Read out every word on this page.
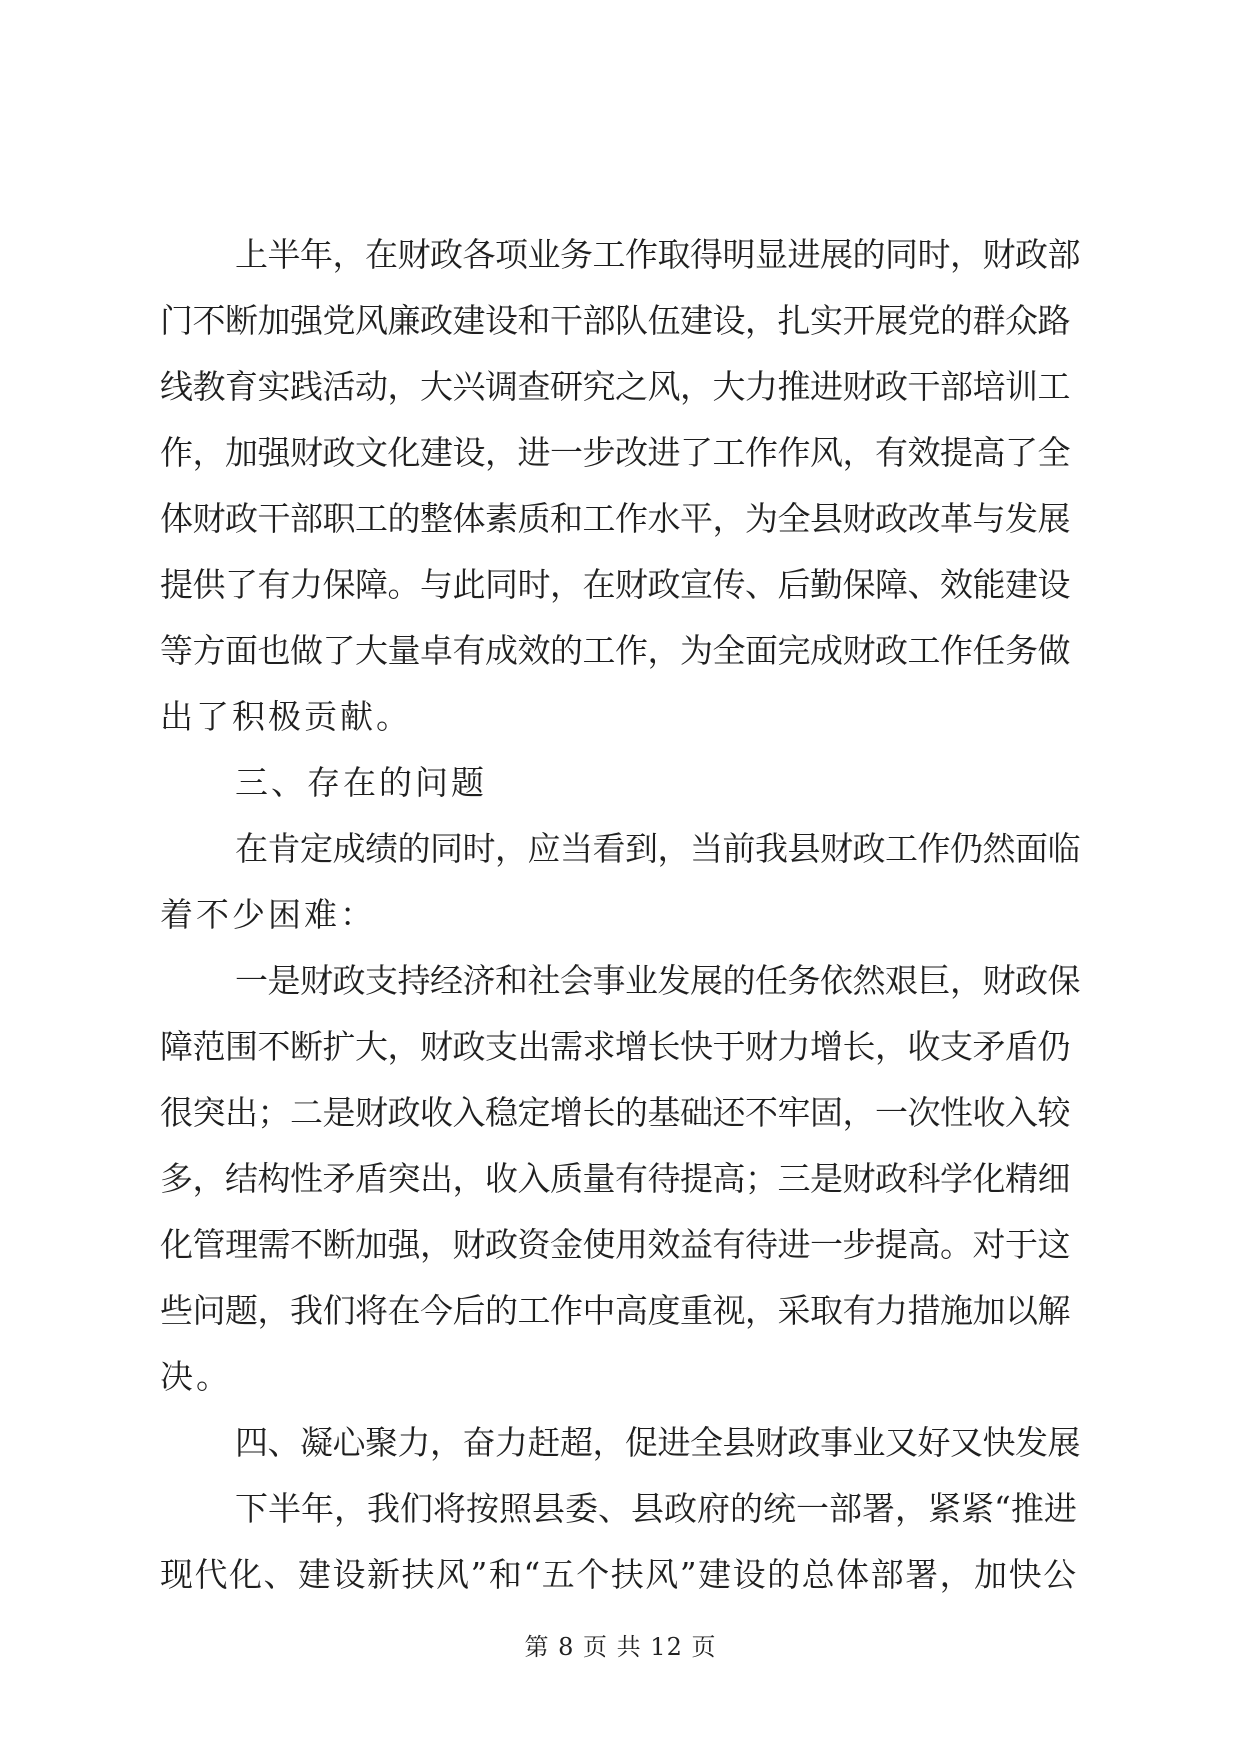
上半年，在财政各项业务工作取得明显进展的同时，财政部
门不断加强党风廉政建设和干部队伍建设，扎实开展党的群众路
线教育实践活动，大兴调查研究之风，大力推进财政干部培训工
作，加强财政文化建设，进一步改进了工作作风，有效提高了全
体财政干部职工的整体素质和工作水平，为全县财政改革与发展
提供了有力保障。与此同时，在财政宣传、后勤保障、效能建设
等方面也做了大量卓有成效的工作，为全面完成财政工作任务做
出了积极贡献。
三、存在的问题
在肯定成绩的同时，应当看到，当前我县财政工作仍然面临
着不少困难：
一是财政支持经济和社会事业发展的任务依然艰巨，财政保
障范围不断扩大，财政支出需求增长快于财力增长，收支矛盾仍
很突出；二是财政收入稳定增长的基础还不牢固，一次性收入较
多，结构性矛盾突出，收入质量有待提高；三是财政科学化精细
化管理需不断加强，财政资金使用效益有待进一步提高。对于这
些问题，我们将在今后的工作中高度重视，采取有力措施加以解
决。
四、凝心聚力，奋力赶超，促进全县财政事业又好又快发展
下半年，我们将按照县委、县政府的统一部署，紧紧“推进
现代化、建设新扶风”和“五个扶风”建设的总体部署，加快公
第 8 页 共 12 页
